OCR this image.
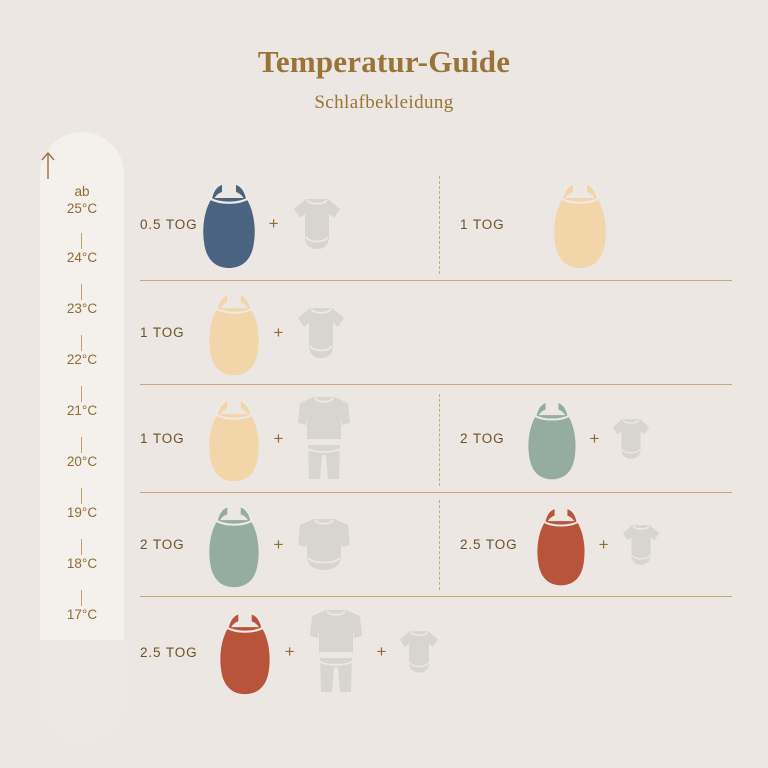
Temperatur-Guide
Schlafbekleidung
ab
25°C
24°C
23°C
22°C
21°C
20°C
19°C
18°C
17°C
0.5 TOG	+	1 TOG
1 TOG	+
1 TOG	+	2 TOG	+
2 TOG	+	2.5 TOG	+
2.5 TOG	+	+
